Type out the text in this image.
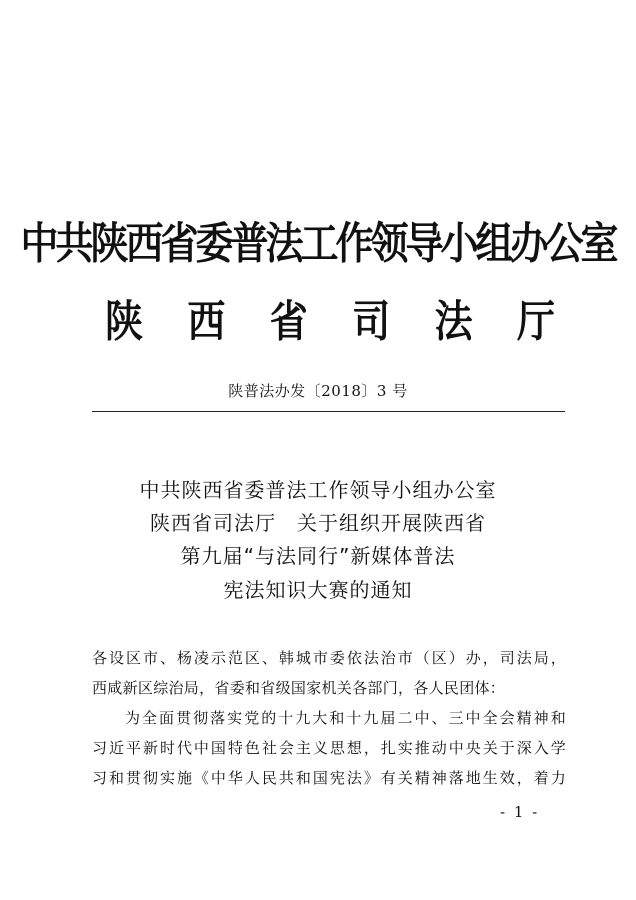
中共陕西省委普法工作领导小组办公室
陕西省司法厅
陕普法办发〔2018〕3 号
中共陕西省委普法工作领导小组办公室
陕西省司法厅　关于组织开展陕西省
第九届“与法同行”新媒体普法
宪法知识大赛的通知
各设区市、杨凌示范区、韩城市委依法治市（区）办，司法局，
西咸新区综治局，省委和省级国家机关各部门，各人民团体：
为全面贯彻落实党的十九大和十九届二中、三中全会精神和
习近平新时代中国特色社会主义思想，扎实推动中央关于深入学
习和贯彻实施《中华人民共和国宪法》有关精神落地生效，着力
- 1 -
